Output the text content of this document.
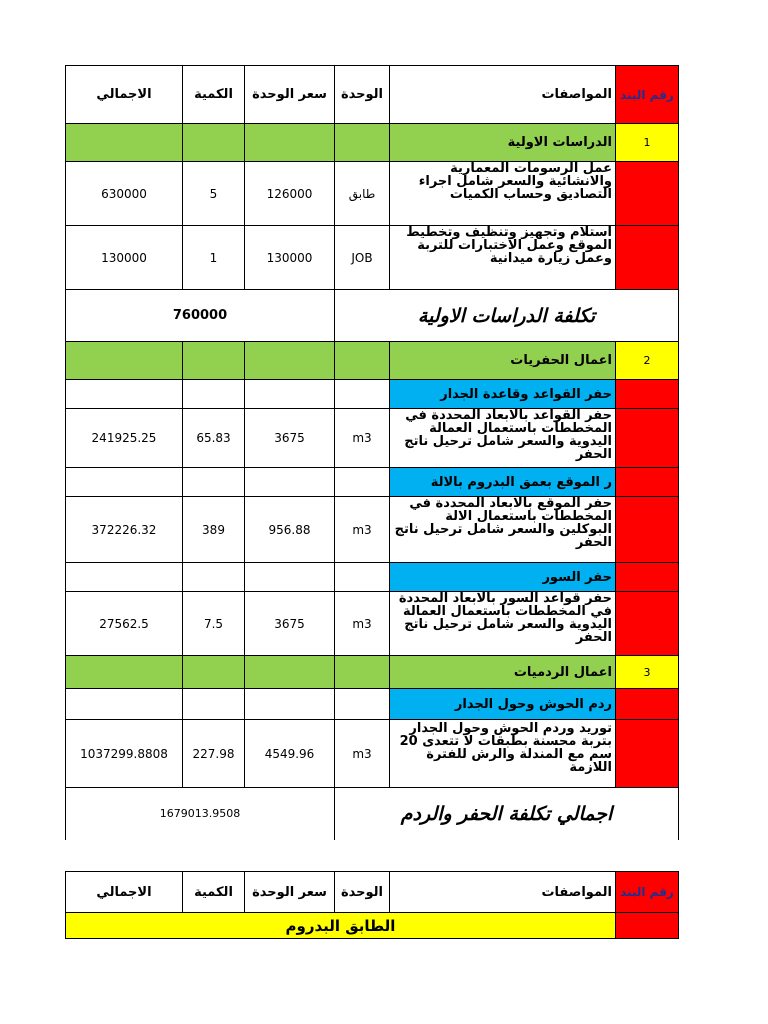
الاجمالي	الكمية	سعر الوحدة	الوحدة	المواصفات	رقم البند
				الدراسات الاولية	1
630000	5	126000	طابق	عمل الرسومات المعمارية والانشائية والسعر شامل اجراء التصاديق وحساب الكميات	

130000	1	130000	JOB	استلام وتجهيز وتنظيف وتخطيط الموقع وعمل الاختبارات للتربة وعمل زيارة ميدانية	

760000			تكلفة الدراسات الاولية		
				اعمال الحفريات	2
				حفر القواعد وقاعدة الجدار	
241925.25	65.83	3675	m3	حفر القواعد بالابعاد المحددة في المخططات باستعمال العمالة اليدوية والسعر شامل ترحيل ناتج الحفر	

				ر الموقع بعمق البدروم بالالة	
372226.32	389	956.88	m3	حفر الموقع بالابعاد المحددة في المخططات باستعمال الالة البوكلين والسعر شامل ترحيل ناتج الحفر	

				حفر السور	
27562.5	7.5	3675	m3	حفر قواعد السور بالابعاد المحددة في المخططات باستعمال العمالة اليدوية والسعر شامل ترحيل ناتج الحفر	

				اعمال الردميات	3
				ردم الحوش وحول الجدار	
1037299.8808	227.98	4549.96	m3	توريد وردم الحوش وحول الجدار بتربة محسنة بطبقات لا تتعدى 20 سم مع المندلة والرش للفترة اللازمة	

1679013.9508			اجمالي تكلفة الحفر والردم		
الاجمالي	الكمية	سعر الوحدة	الوحدة	المواصفات	رقم البند
الطابق البدروم					
